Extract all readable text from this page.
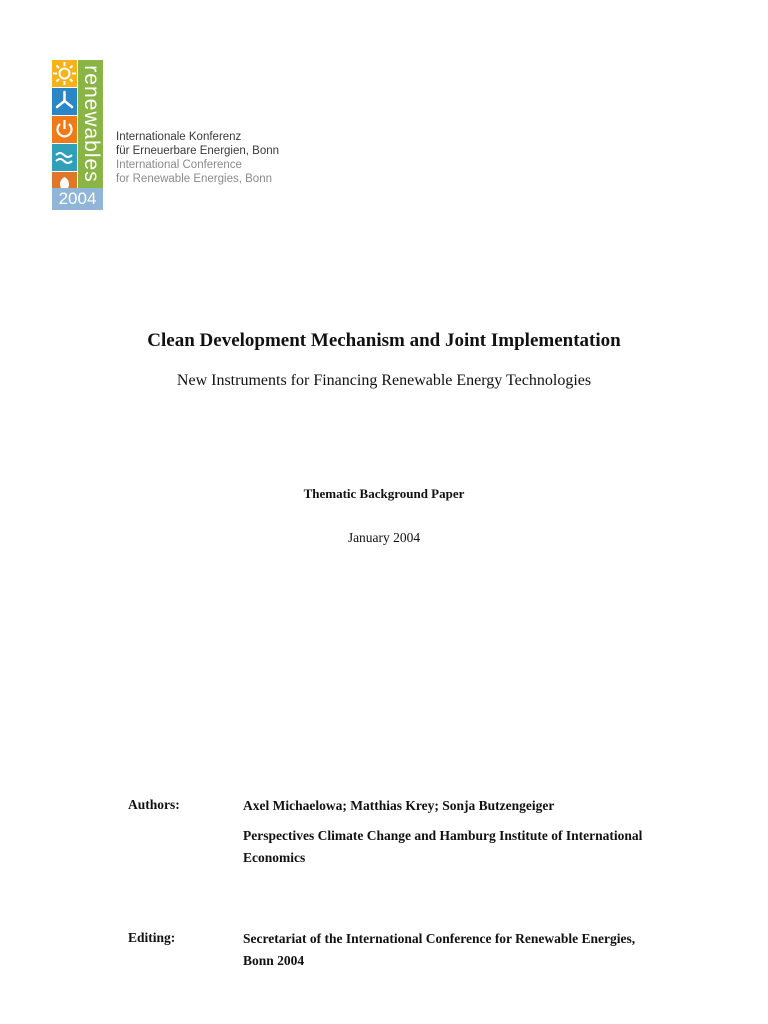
renewables
2004
Internationale Konferenz
für Erneuerbare Energien, Bonn
International Conference
for Renewable Energies, Bonn
Clean Development Mechanism and Joint Implementation
New Instruments for Financing Renewable Energy Technologies
Thematic Background Paper
January 2004
Authors:	Axel Michaelowa; Matthias Krey; Sonja Butzengeiger
Perspectives Climate Change and Hamburg Institute of International Economics
Editing:	Secretariat of the International Conference for Renewable Energies, Bonn 2004
